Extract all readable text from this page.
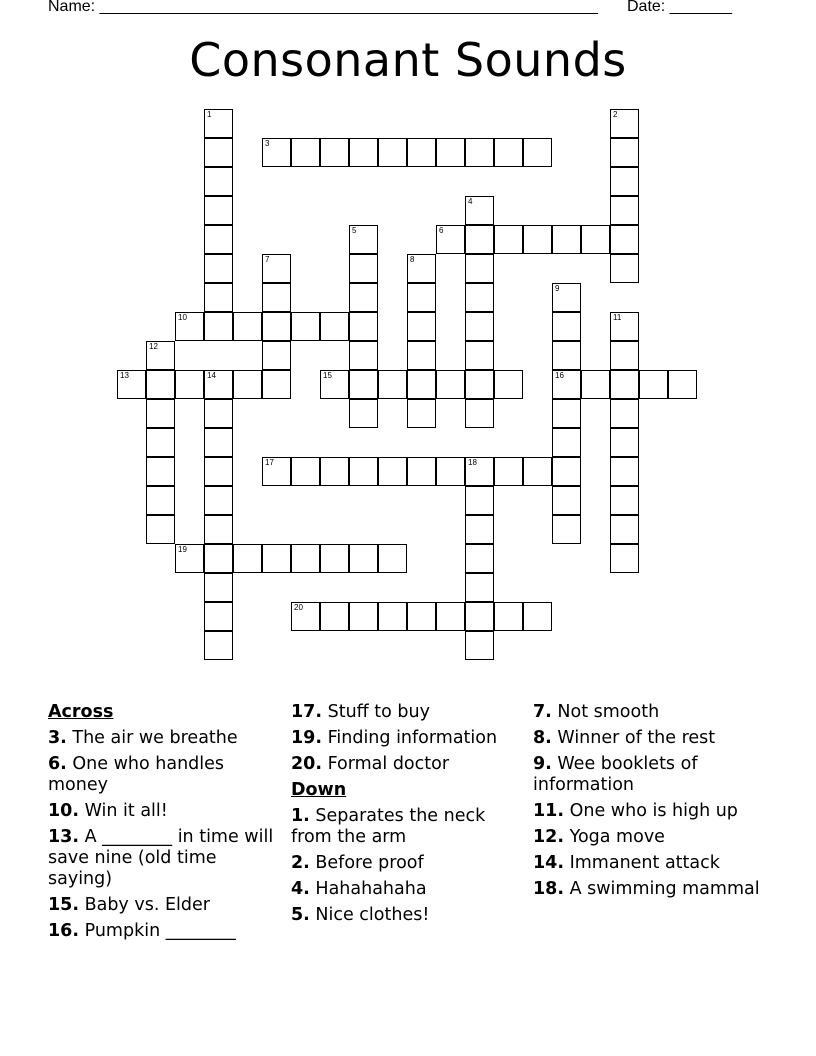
Name: ________________________________________________________ Date: _______
Consonant Sounds
1	2
3
4
5	6
7	8
9
16
10	11
12
13	14	15
17	18
19
20
Across
3. The air we breathe
6. One who handles money
10. Win it all!
13. A ________ in time will save nine (old time saying)
15. Baby vs. Elder
16. Pumpkin ________
17. Stuff to buy
19. Finding information
20. Formal doctor
Down
1. Separates the neck from the arm
2. Before proof
4. Hahahahaha
5. Nice clothes!
7. Not smooth
8. Winner of the rest
9. Wee booklets of information
11. One who is high up
12. Yoga move
14. Immanent attack
18. A swimming mammal
